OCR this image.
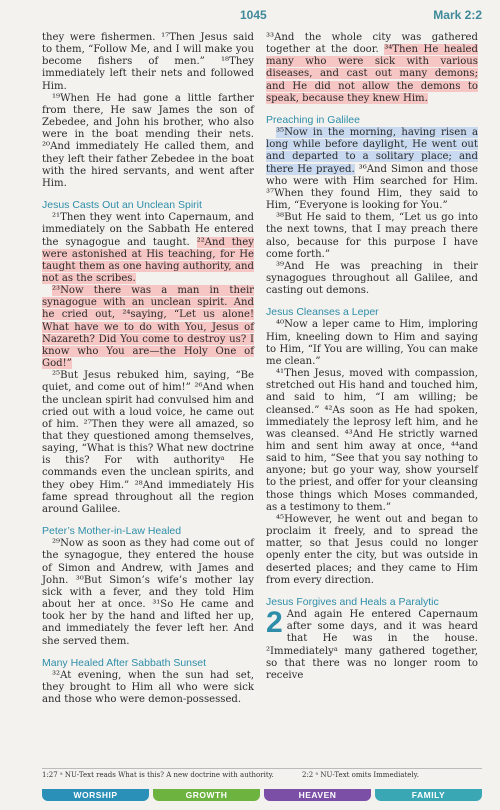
1045	Mark 2:2

they were fishermen. ¹⁷Then Jesus said to them, “Follow Me, and I will make you become fishers of men.” ¹⁸They immediately left their nets and followed Him.

¹⁹When He had gone a little farther from there, He saw James the son of Zebedee, and John his brother, who also were in the boat mending their nets. ²⁰And immediately He called them, and they left their father Zebedee in the boat with the hired servants, and went after Him.

Jesus Casts Out an Unclean Spirit

²¹Then they went into Capernaum, and immediately on the Sabbath He entered the synagogue and taught. ²²And they were astonished at His teaching, for He taught them as one having authority, and not as the scribes.

²³Now there was a man in their synagogue with an unclean spirit. And he cried out, ²⁴saying, “Let us alone! What have we to do with You, Jesus of Nazareth? Did You come to destroy us? I know who You are—the Holy One of God!”

²⁵But Jesus rebuked him, saying, “Be quiet, and come out of him!” ²⁶And when the unclean spirit had convulsed him and cried out with a loud voice, he came out of him. ²⁷Then they were all amazed, so that they questioned among themselves, saying, “What is this? What new doctrine is this? For with authority$^a$ He commands even the unclean spirits, and they obey Him.” ²⁸And immediately His fame spread throughout all the region around Galilee.

Peter’s Mother-in-Law Healed

²⁹Now as soon as they had come out of the synagogue, they entered the house of Simon and Andrew, with James and John. ³⁰But Simon’s wife’s mother lay sick with a fever, and they told Him about her at once. ³¹So He came and took her by the hand and lifted her up, and immediately the fever left her. And she served them.

Many Healed After Sabbath Sunset

³²At evening, when the sun had set, they brought to Him all who were sick and those who were demon-possessed.

³³And the whole city was gathered together at the door. ³⁴Then He healed many who were sick with various diseases, and cast out many demons; and He did not allow the demons to speak, because they knew Him.

Preaching in Galilee

³⁵Now in the morning, having risen a long while before daylight, He went out and departed to a solitary place; and there He prayed. ³⁶And Simon and those who were with Him searched for Him. ³⁷When they found Him, they said to Him, “Everyone is looking for You.”

³⁸But He said to them, “Let us go into the next towns, that I may preach there also, because for this purpose I have come forth.”

³⁹And He was preaching in their synagogues throughout all Galilee, and casting out demons.

Jesus Cleanses a Leper

⁴⁰Now a leper came to Him, imploring Him, kneeling down to Him and saying to Him, “If You are willing, You can make me clean.”

⁴¹Then Jesus, moved with compassion, stretched out His hand and touched him, and said to him, “I am willing; be cleansed.” ⁴²As soon as He had spoken, immediately the leprosy left him, and he was cleansed. ⁴³And He strictly warned him and sent him away at once, ⁴⁴and said to him, “See that you say nothing to anyone; but go your way, show yourself to the priest, and offer for your cleansing those things which Moses commanded, as a testimony to them.”

⁴⁵However, he went out and began to proclaim it freely, and to spread the matter, so that Jesus could no longer openly enter the city, but was outside in deserted places; and they came to Him from every direction.

Jesus Forgives and Heals a Paralytic

2 And again He entered Capernaum after some days, and it was heard that He was in the house. ²Immediately$^a$ many gathered together, so that there was no longer room to receive

1:27 ᵃ NU-Text reads What is this? A new doctrine with authority.	2:2 ᵃ NU-Text omits Immediately.
WORSHIP	GROWTH	HEAVEN	FAMILY
